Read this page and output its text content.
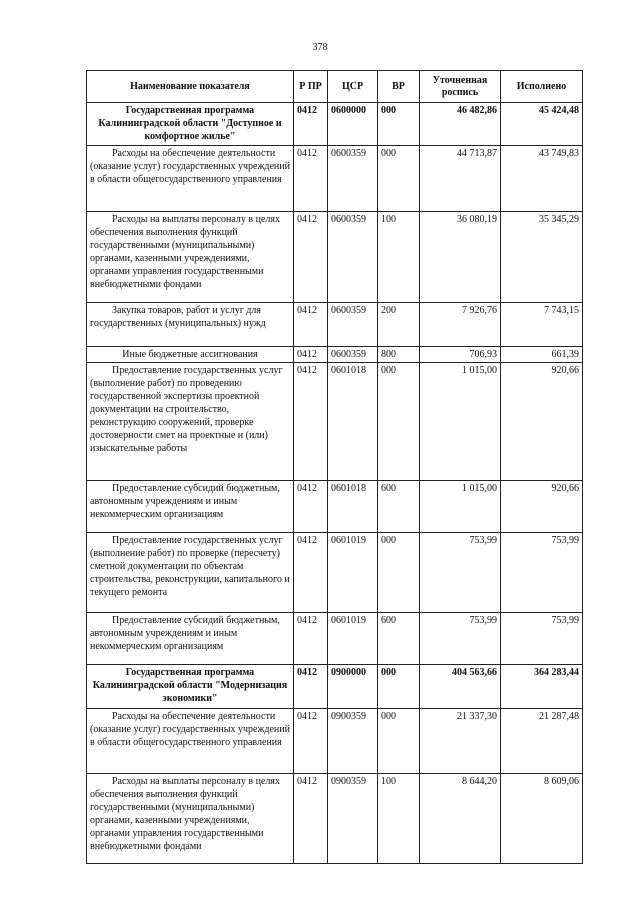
378
Наименование показателя	Р ПР	ЦСР	ВР	Уточненная роспись	Исполнено
Государственная программа Калининградской области "Доступное и комфортное жилье"	0412	0600000	000	46 482,86	45 424,48
Расходы на обеспечение деятельности (оказание услуг) государственных учреждений в области общегосударственного управления	0412	0600359	000	44 713,87	43 749,83
Расходы на выплаты персоналу в целях обеспечения выполнения функций государственными (муниципальными) органами, казенными учреждениями, органами управления государственными внебюджетными фондами	0412	0600359	100	36 080,19	35 345,29
Закупка товаров, работ и услуг для государственных (муниципальных) нужд	0412	0600359	200	7 926,76	7 743,15
Иные бюджетные ассигнования	0412	0600359	800	706,93	661,39
Предоставление государственных услуг (выполнение работ) по проведению государственной экспертизы проектной документации на строительство, реконструкцию сооружений, проверке достоверности смет на проектные и (или) изыскательные работы	0412	0601018	000	1 015,00	920,66
Предоставление субсидий бюджетным, автономным учреждениям и иным некоммерческим организациям	0412	0601018	600	1 015,00	920,66
Предоставление государственных услуг (выполнение работ) по проверке (пересчету) сметной документации по объектам строительства, реконструкции, капитального и текущего ремонта	0412	0601019	000	753,99	753,99
Предоставление субсидий бюджетным, автономным учреждениям и иным некоммерческим организациям	0412	0601019	600	753,99	753,99
Государственная программа Калининградской области "Модернизация экономики"	0412	0900000	000	404 563,66	364 283,44
Расходы на обеспечение деятельности (оказание услуг) государственных учреждений в области общегосударственного управления	0412	0900359	000	21 337,30	21 287,48
Расходы на выплаты персоналу в целях обеспечения выполнения функций государственными (муниципальными) органами, казенными учреждениями, органами управления государственными внебюджетными фондами	0412	0900359	100	8 644,20	8 609,06
